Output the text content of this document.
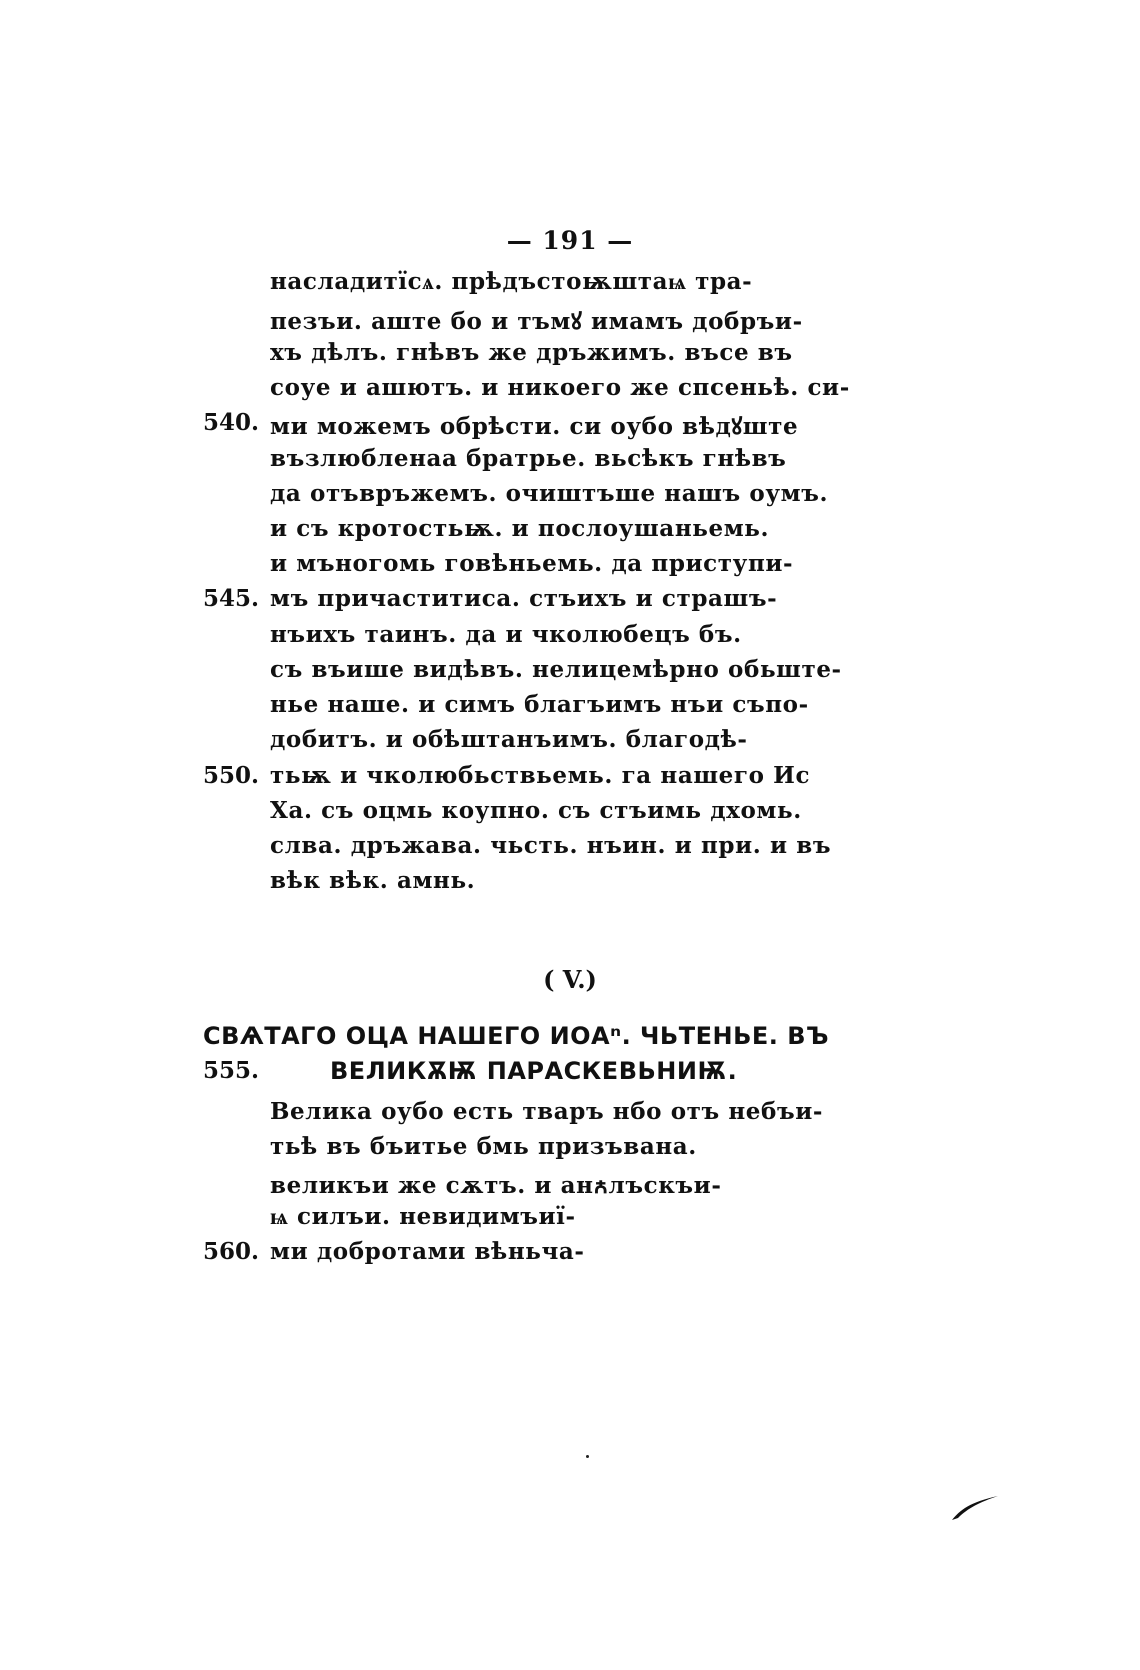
— 191 —
насладитїсѧ. прѣдъстоѭштаѩ тра-
пезъи. аште бо и тъмꙋ имамъ добръи-
хъ дѣлъ. гнѣвъ же дръжимъ. въсе въ
соуе и ашютъ. и никоего же спсеньѣ. си-
540. ми можемъ обрѣсти. си оубо вѣдꙋште
възлюбленаа братрье. вьсѣкъ гнѣвъ
да отъвръжемъ. очиштъше нашъ оумъ.
и съ кротостьѭ. и послоушаньемь.
и мъногомь говѣньемь. да приступи-
545. мъ причаститиса. стъихъ и страшъ-
нъихъ таинъ. да и чколюбецъ бъ.
съ въише видѣвъ. нелицемѣрно обьште-
ньe наше. и симъ благъимъ нъи съпо-
добитъ. и обѣштанъимъ. благодѣ-
550. тьѭ и чколюбьствьемь. га нашего Ис
Ха. съ оцмь коупно. съ стъимь дхомь.
слва. дръжава. чьсть. нъин. и при. и въ
вѣк вѣк. амнь.
( V.)
СВѦТАГО ОЦА НАШЕГО ИОАⁿ. ЧЬТЕНЬЕ. ВЪ
555.	ВЕЛИКѪѬ ПАРАСКЕВЬНИѬ.
Велика оубо есть тваръ нбо отъ небъи-
тьѣ въ бъитье бмь призъвана.
великъи же сѫтъ. и анꙉлъскъи-
ѩ силъи. невидимъиї-
560. ми добротами вѣньча-
